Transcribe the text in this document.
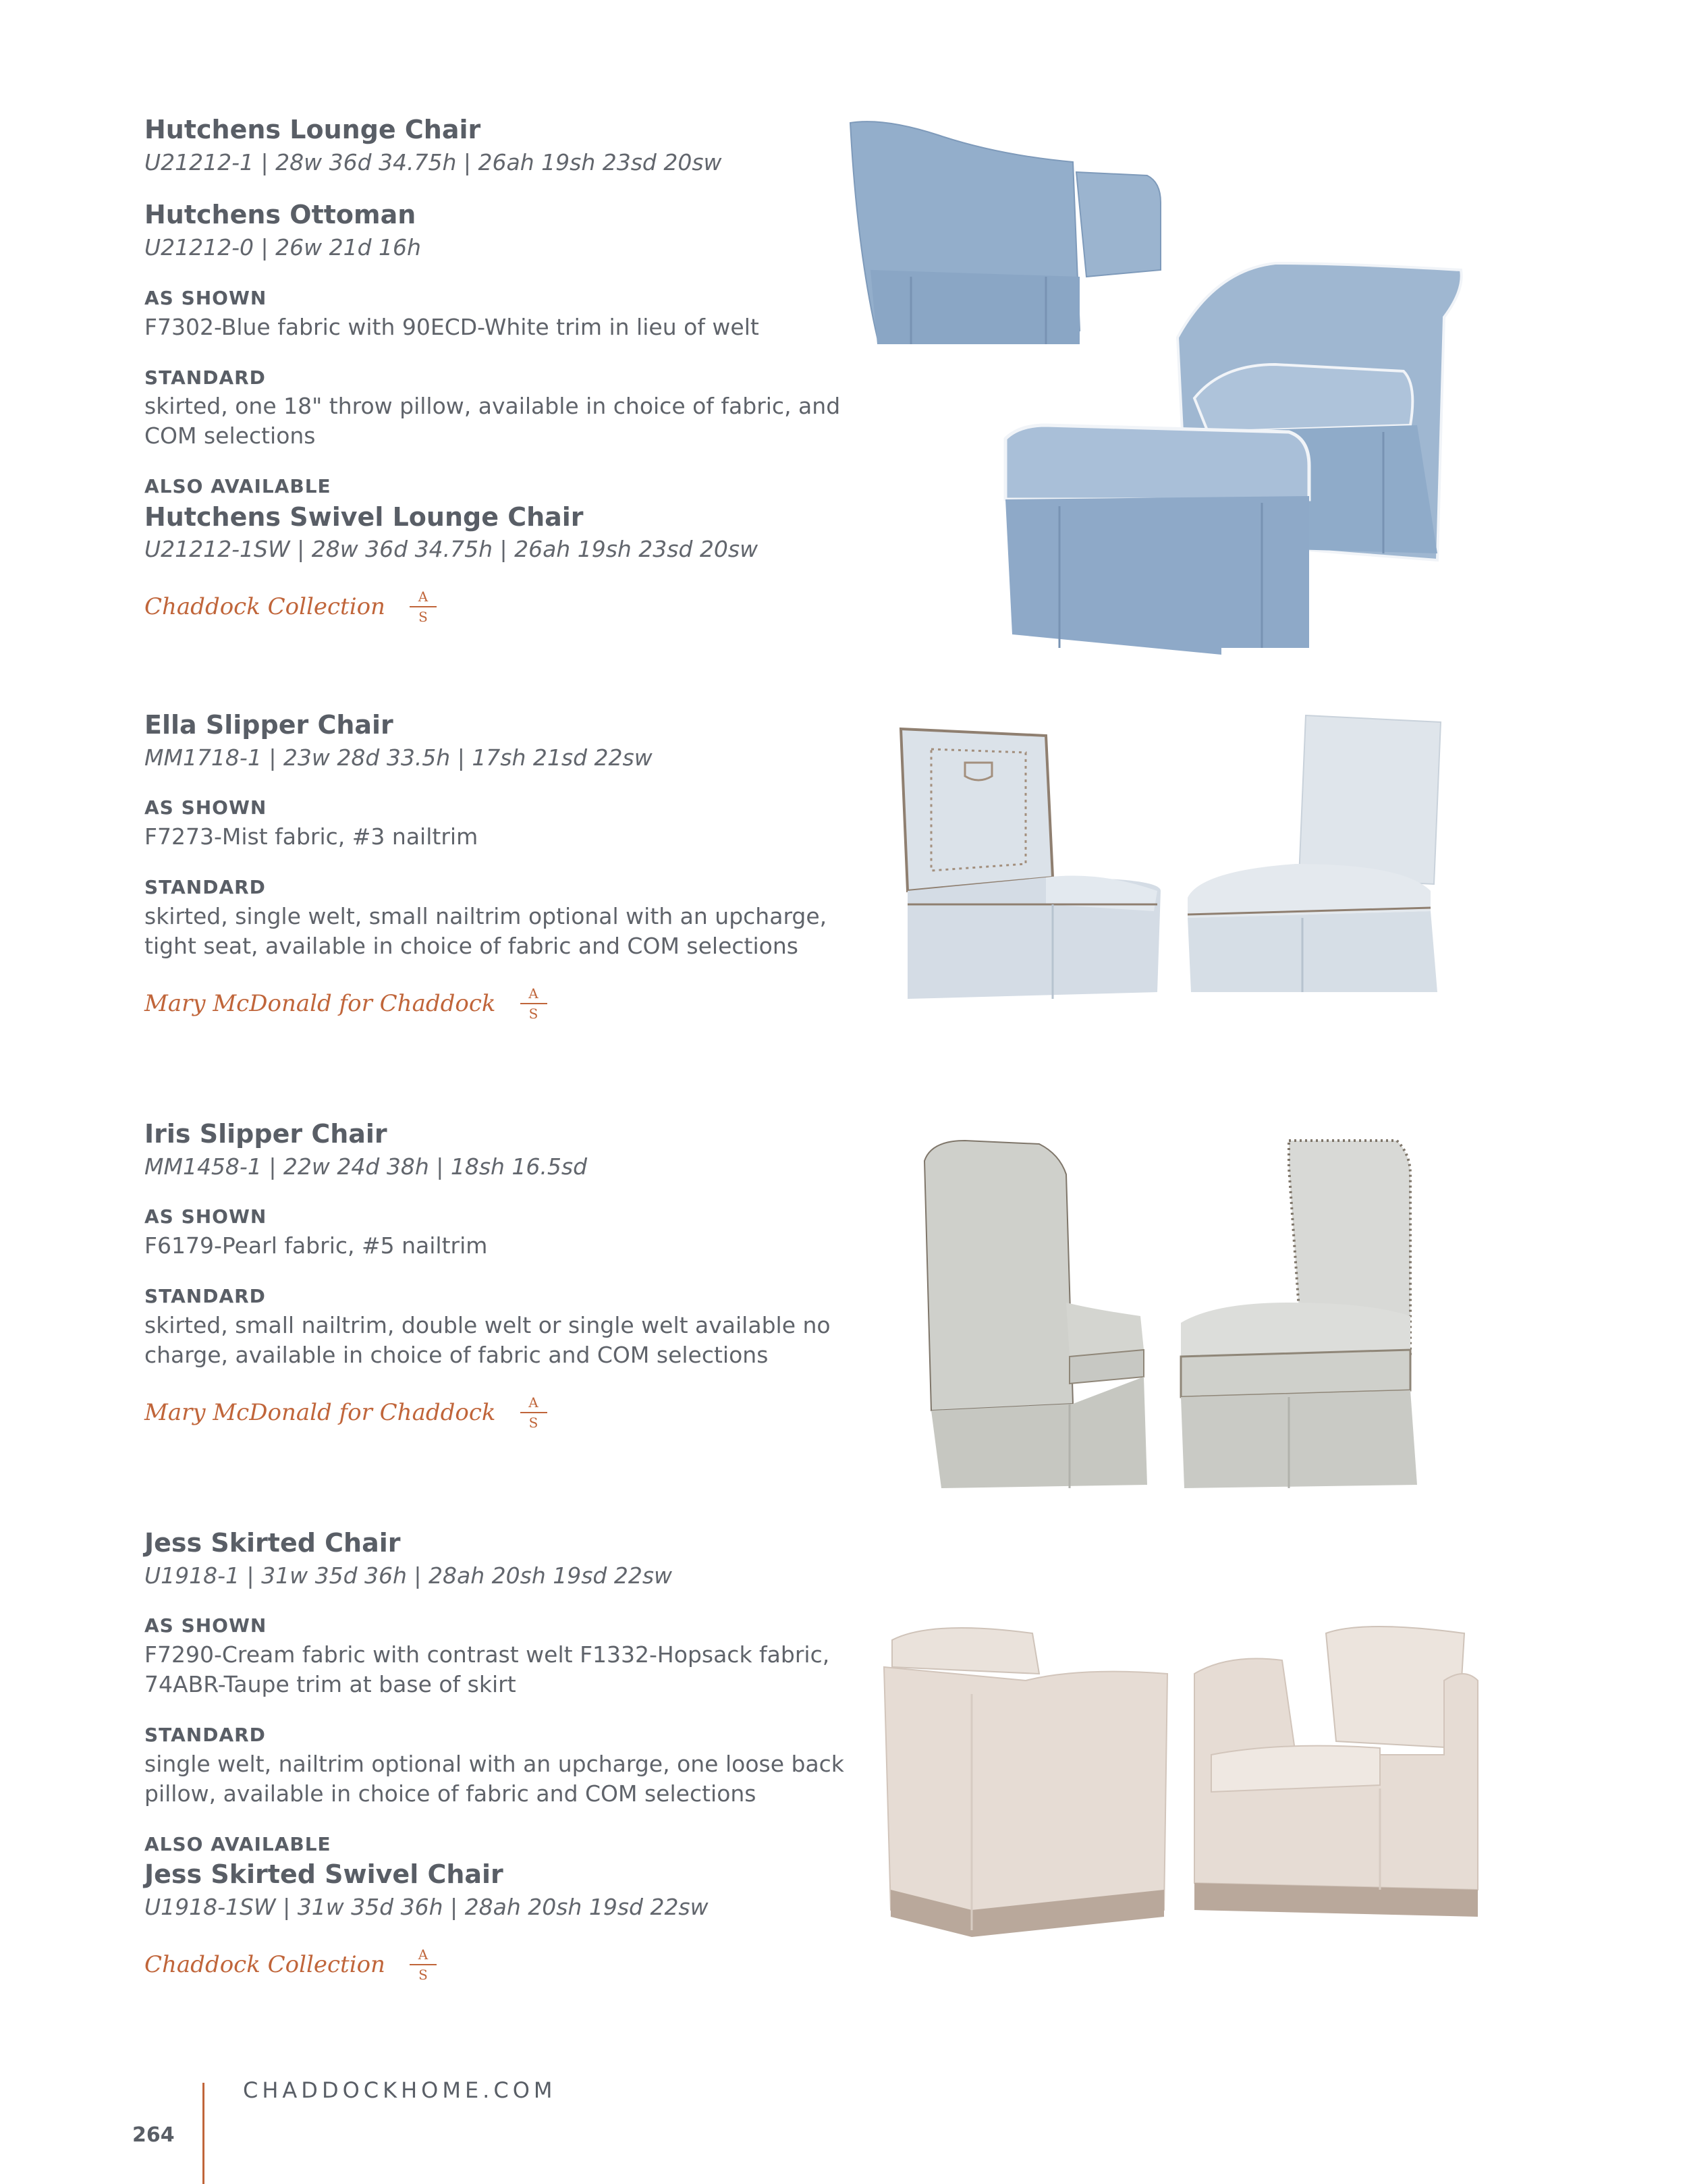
Hutchens Lounge Chair
U21212-1 | 28w 36d 34.75h | 26ah 19sh 23sd 20sw
Hutchens Ottoman
U21212-0 | 26w 21d 16h
AS SHOWN
F7302-Blue fabric with 90ECD-White trim in lieu of welt
STANDARD
skirted, one 18" throw pillow, available in choice of fabric, and COM selections
ALSO AVAILABLE
Hutchens Swivel Lounge Chair
U21212-1SW | 28w 36d 34.75h | 26ah 19sh 23sd 20sw
Chaddock Collection A
S
Ella Slipper Chair
MM1718-1 | 23w 28d 33.5h | 17sh 21sd 22sw
AS SHOWN
F7273-Mist fabric, #3 nailtrim
STANDARD
skirted, single welt, small nailtrim optional with an upcharge, tight seat, available in choice of fabric and COM selections
Mary McDonald for Chaddock A
S
Iris Slipper Chair
MM1458-1 | 22w 24d 38h | 18sh 16.5sd
AS SHOWN
F6179-Pearl fabric, #5 nailtrim
STANDARD
skirted, small nailtrim, double welt or single welt available no charge, available in choice of fabric and COM selections
Mary McDonald for Chaddock A
S
Jess Skirted Chair
U1918-1 | 31w 35d 36h | 28ah 20sh 19sd 22sw
AS SHOWN
F7290-Cream fabric with contrast welt F1332-Hopsack fabric, 74ABR-Taupe trim at base of skirt
STANDARD
single welt, nailtrim optional with an upcharge, one loose back pillow, available in choice of fabric and COM selections
ALSO AVAILABLE
Jess Skirted Swivel Chair
U1918-1SW | 31w 35d 36h | 28ah 20sh 19sd 22sw
Chaddock Collection A
S
CHADDOCKHOME.COM
264
